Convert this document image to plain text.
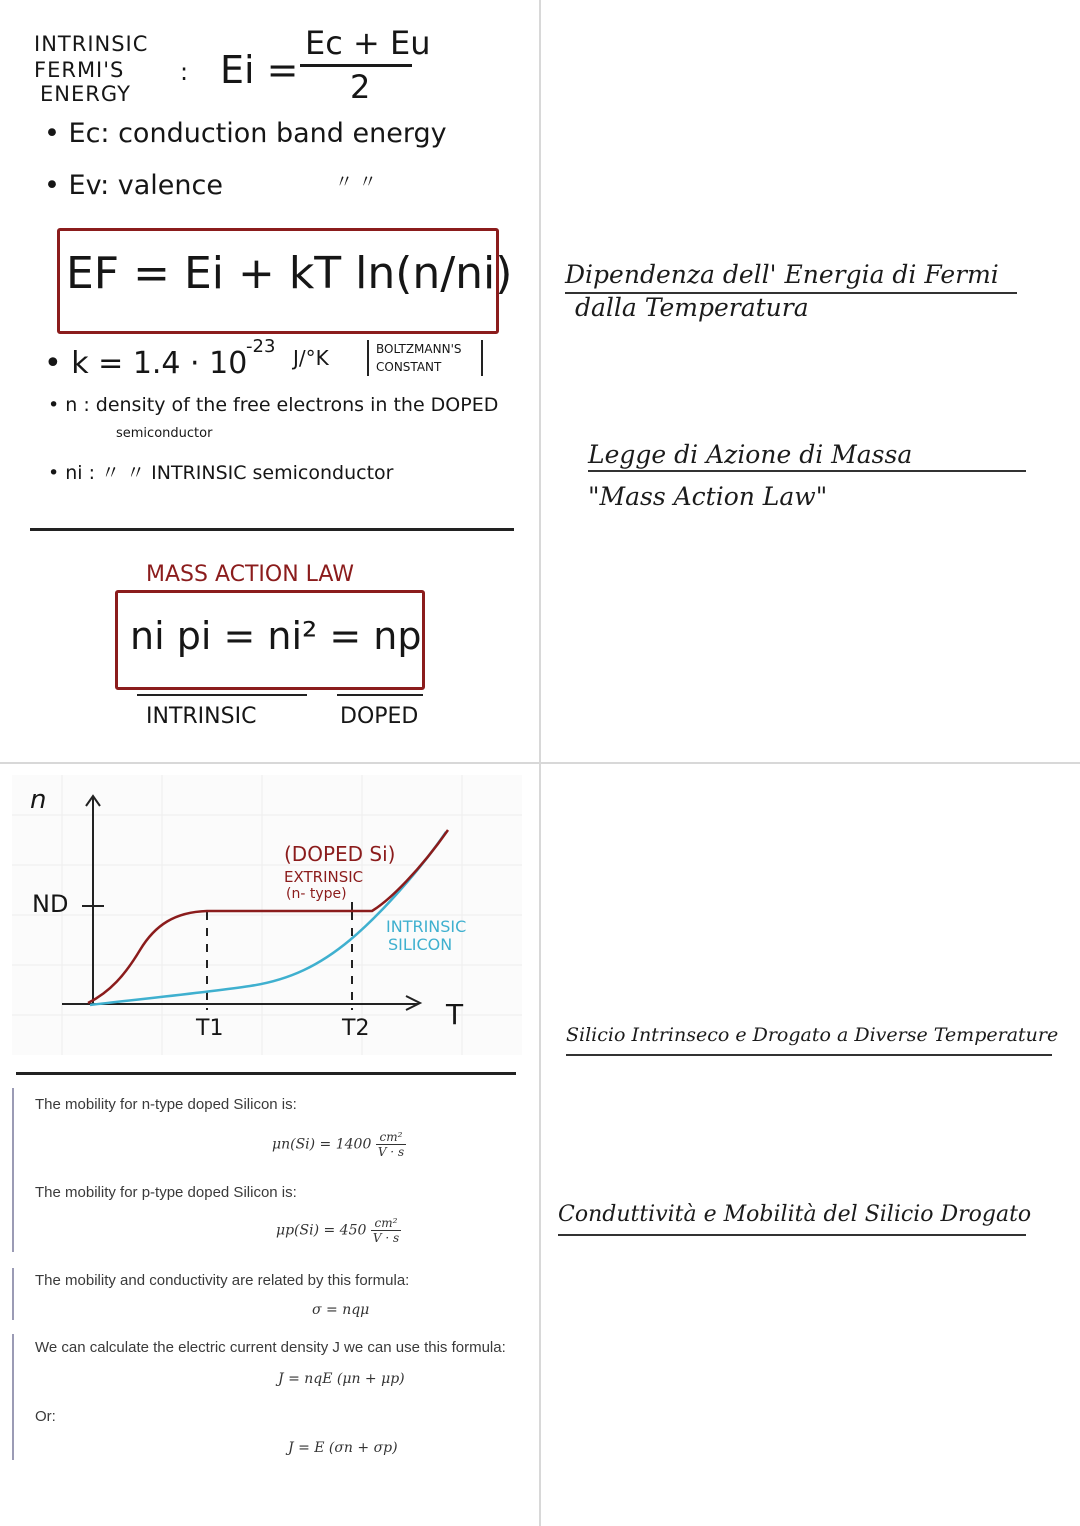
INTRINSIC
FERMI'S
ENERGY
: Ei =
Ec + Eu
2
• Ec: conduction band energy
• Ev: valence	〃 〃
EF = Ei + kT ln(n/ni)
• k = 1.4 · 10
-23 J/°K	BOLTZMANN'S
CONSTANT
• n : density of the free electrons in the DOPED
semiconductor
• ni : 〃 〃 INTRINSIC semiconductor
MASS ACTION LAW
ni pi = ni² = np
INTRINSIC	DOPED
Dipendenza dell' Energia di Fermi
dalla Temperatura
Legge di Azione di Massa
"Mass Action Law"
Silicio Intrinseco e Drogato a Diverse Temperature
Conduttività e Mobilità del Silicio Drogato
n
ND
T
T1	T2
(DOPED Si)
EXTRINSIC
(n- type)
INTRINSIC
SILICON
The mobility for n-type doped Silicon is:
$\mu n(Si) = 1400 \frac{\text{cm²}}{V \cdot s}$
The mobility for p-type doped Silicon is:
$\mu p(Si) = 450 \frac{\text{cm²}}{V \cdot s}$
The mobility and conductivity are related by this formula:
σ = nqμ
We can calculate the electric current density J we can use this formula:
J = nqE (μn + μp)
Or:
J = E (σn + σp)
